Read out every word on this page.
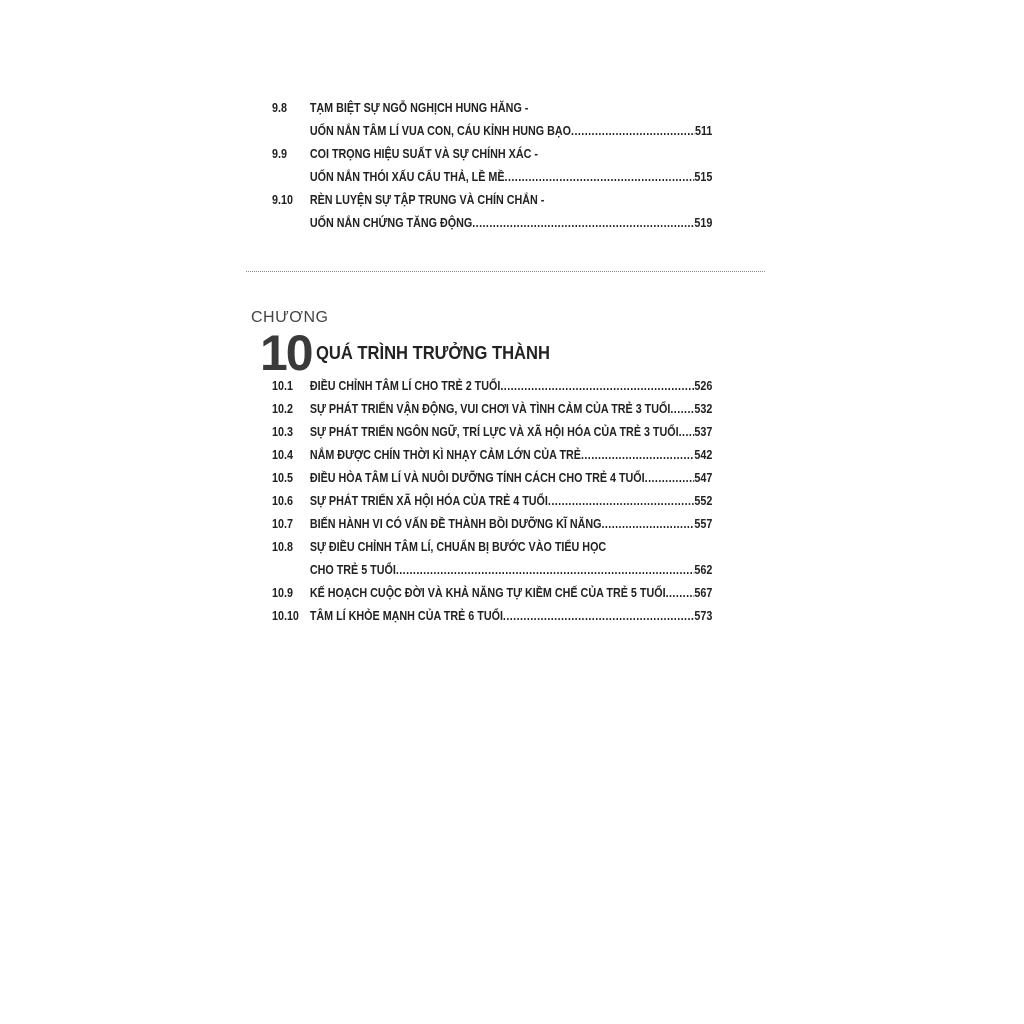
9.8	TẠM BIỆT SỰ NGỖ NGHỊCH HUNG HĂNG -
UỐN NẮN TÂM LÍ VUA CON, CÁU KỈNH HUNG BẠO .....	511
9.9	COI TRỌNG HIỆU SUẤT VÀ SỰ CHÍNH XÁC -
UỐN NẮN THÓI XẤU CẨU THẢ, LỀ MỀ .....	515
9.10	RÈN LUYỆN SỰ TẬP TRUNG VÀ CHÍN CHẮN -
UỐN NẮN CHỨNG TĂNG ĐỘNG .....	519
CHƯƠNG
10 QUÁ TRÌNH TRƯỞNG THÀNH
10.1	ĐIỀU CHỈNH TÂM LÍ CHO TRẺ 2 TUỔI .....	526
10.2	SỰ PHÁT TRIỂN VẬN ĐỘNG, VUI CHƠI VÀ TÌNH CẢM CỦA TRẺ 3 TUỔI ..... 532
10.3	SỰ PHÁT TRIỂN NGÔN NGỮ, TRÍ LỰC VÀ XÃ HỘI HÓA CỦA TRẺ 3 TUỔI ..... 537
10.4	NẮM ĐƯỢC CHÍN THỜI KÌ NHẠY CẢM LỚN CỦA TRẺ .....	542
10.5	ĐIỀU HÒA TÂM LÍ VÀ NUÔI DƯỠNG TÍNH CÁCH CHO TRẺ 4 TUỔI .....	547
10.6	SỰ PHÁT TRIỂN XÃ HỘI HÓA CỦA TRẺ 4 TUỔI .....	552
10.7	BIẾN HÀNH VI CÓ VẤN ĐỀ THÀNH BỒI DƯỠNG KĨ NĂNG .....	557
10.8	SỰ ĐIỀU CHỈNH TÂM LÍ, CHUẨN BỊ BƯỚC VÀO TIỂU HỌC
CHO TRẺ 5 TUỔI .....	562
10.9	KẾ HOẠCH CUỘC ĐỜI VÀ KHẢ NĂNG TỰ KIỀM CHẾ CỦA TRẺ 5 TUỔI ..... 567
10.10 TÂM LÍ KHỎE MẠNH CỦA TRẺ 6 TUỔI .....	573
